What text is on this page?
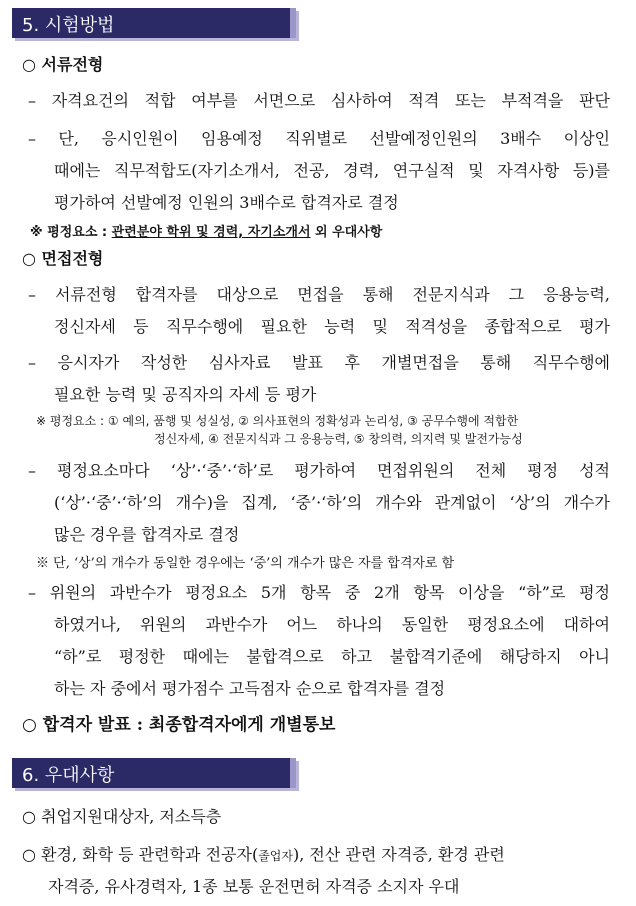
5. 시험방법
○ 서류전형
– 자격요건의 적합 여부를 서면으로 심사하여 적격 또는 부적격을 판단
– 단, 응시인원이 임용예정 직위별로 선발예정인원의 3배수 이상인
때에는 직무적합도(자기소개서, 전공, 경력, 연구실적 및 자격사항 등)를
평가하여 선발예정 인원의 3배수로 합격자로 결정
※ 평정요소 : 관련분야 학위 및 경력, 자기소개서 외 우대사항
○ 면접전형
– 서류전형 합격자를 대상으로 면접을 통해 전문지식과 그 응용능력,
정신자세 등 직무수행에 필요한 능력 및 적격성을 종합적으로 평가
– 응시자가 작성한 심사자료 발표 후 개별면접을 통해 직무수행에
필요한 능력 및 공직자의 자세 등 평가
※ 평정요소 : ① 예의, 품행 및 성실성, ② 의사표현의 정확성과 논리성, ③ 공무수행에 적합한
정신자세, ④ 전문지식과 그 응용능력, ⑤ 창의력, 의지력 및 발전가능성
– 평정요소마다 ‘상’·‘중’·‘하’로 평가하여 면접위원의 전체 평정 성적
(‘상’·‘중’·‘하’의 개수)을 집계, ‘중’·‘하’의 개수와 관계없이 ‘상’의 개수가
많은 경우를 합격자로 결정
※ 단, ‘상’의 개수가 동일한 경우에는 ‘중’의 개수가 많은 자를 합격자로 함
– 위원의 과반수가 평정요소 5개 항목 중 2개 항목 이상을 “하”로 평정
하였거나, 위원의 과반수가 어느 하나의 동일한 평정요소에 대하여
“하”로 평정한 때에는 불합격으로 하고 불합격기준에 해당하지 아니
하는 자 중에서 평가점수 고득점자 순으로 합격자를 결정
○ 합격자 발표 : 최종합격자에게 개별통보
6. 우대사항
○ 취업지원대상자, 저소득층
○ 환경, 화학 등 관련학과 전공자(졸업자), 전산 관련 자격증, 환경 관련
자격증, 유사경력자, 1종 보통 운전면허 자격증 소지자 우대
